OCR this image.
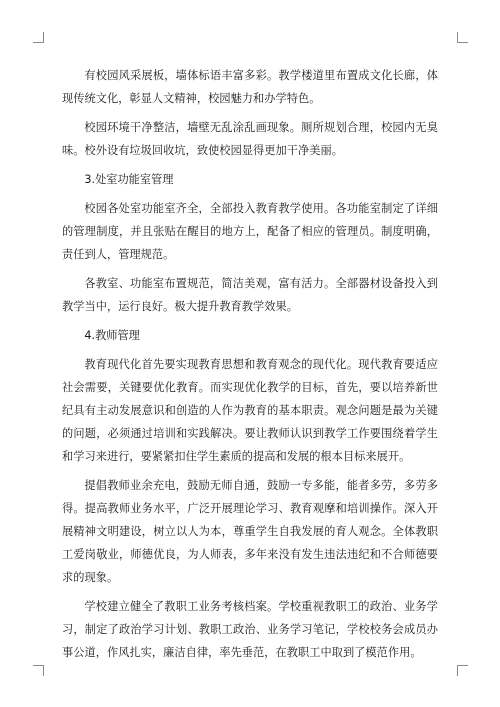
有校园风采展板，墙体标语丰富多彩。教学楼道里布置成文化长廊，体现传统文化，彰显人文精神，校园魅力和办学特色。

校园环境干净整洁，墙壁无乱涂乱画现象。厕所规划合理，校园内无臭味。校外设有垃圾回收坑，致使校园显得更加干净美丽。

3.处室功能室管理

校园各处室功能室齐全，全部投入教育教学使用。各功能室制定了详细的管理制度，并且张贴在醒目的地方上，配备了相应的管理员。制度明确，责任到人，管理规范。

各教室、功能室布置规范，简洁美观，富有活力。全部器材设备投入到教学当中，运行良好。极大提升教育教学效果。

4.教师管理

教育现代化首先要实现教育思想和教育观念的现代化。现代教育要适应社会需要，关键要优化教育。而实现优化教学的目标，首先，要以培养新世纪具有主动发展意识和创造的人作为教育的基本职责。观念问题是最为关键的问题，必须通过培训和实践解决。要让教师认识到教学工作要围绕着学生和学习来进行，要紧紧扣住学生素质的提高和发展的根本目标来展开。

提倡教师业余充电，鼓励无师自通，鼓励一专多能，能者多劳，多劳多得。提高教师业务水平，广泛开展理论学习、教育观摩和培训操作。深入开展精神文明建设，树立以人为本，尊重学生自我发展的育人观念。全体教职工爱岗敬业，师德优良，为人师表，多年来没有发生违法违纪和不合师德要求的现象。

学校建立健全了教职工业务考核档案。学校重视教职工的政治、业务学习，制定了政治学习计划、教职工政治、业务学习笔记，学校校务会成员办事公道，作风扎实，廉洁自律，率先垂范，在教职工中取到了模范作用。
